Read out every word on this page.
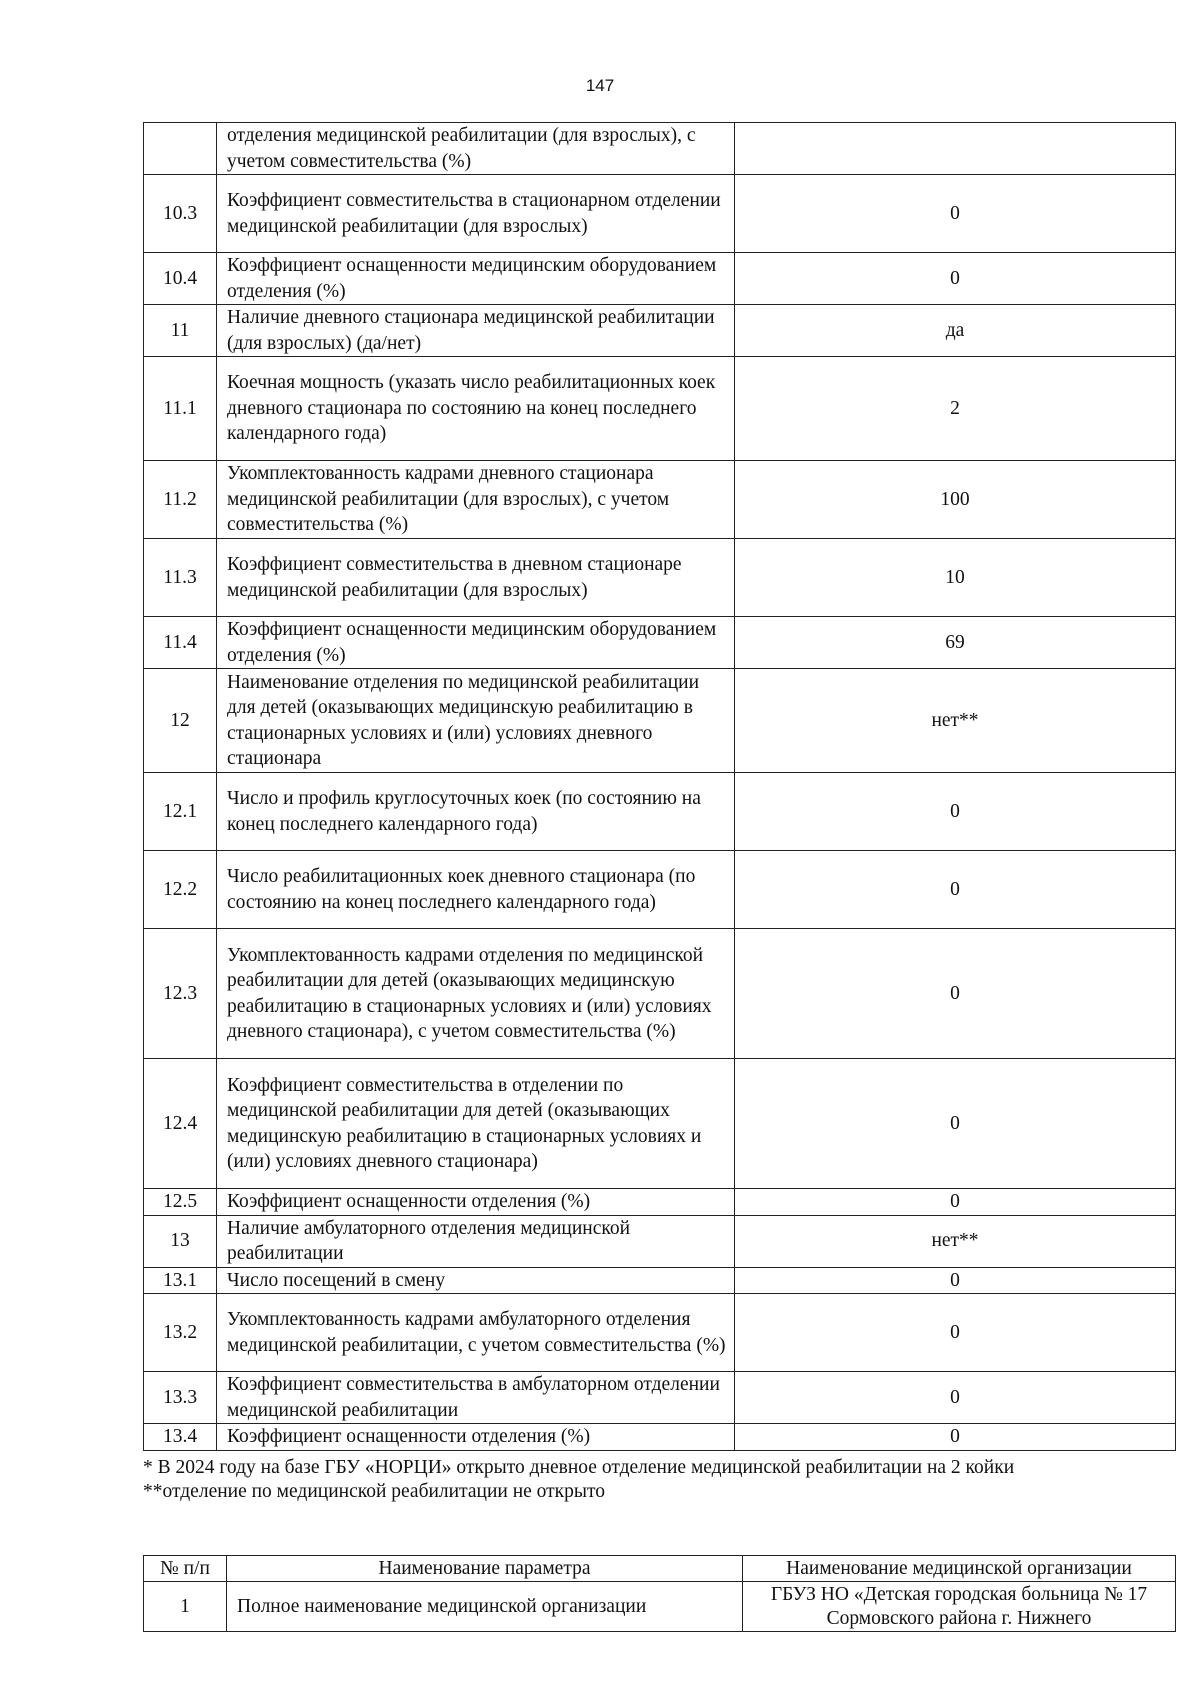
147
	отделения медицинской реабилитации (для взрослых), с учетом совместительства (%)	
10.3	Коэффициент совместительства в стационарном отделении медицинской реабилитации (для взрослых)	0
10.4	Коэффициент оснащенности медицинским оборудованием отделения (%)	0
11	Наличие дневного стационара медицинской реабилитации (для взрослых) (да/нет)	да
11.1	Коечная мощность (указать число реабилитационных коек дневного стационара по состоянию на конец последнего календарного года)	2
11.2	Укомплектованность кадрами дневного стационара медицинской реабилитации (для взрослых), с учетом совместительства (%)	100
11.3	Коэффициент совместительства в дневном стационаре медицинской реабилитации (для взрослых)	10
11.4	Коэффициент оснащенности медицинским оборудованием отделения (%)	69
12	Наименование отделения по медицинской реабилитации для детей (оказывающих медицинскую реабилитацию в стационарных условиях и (или) условиях дневного стационара	нет**
12.1	Число и профиль круглосуточных коек (по состоянию на конец последнего календарного года)	0
12.2	Число реабилитационных коек дневного стационара (по состоянию на конец последнего календарного года)	0
12.3	Укомплектованность кадрами отделения по медицинской реабилитации для детей (оказывающих медицинскую реабилитацию в стационарных условиях и (или) условиях дневного стационара), с учетом совместительства (%)	0
12.4	Коэффициент совместительства в отделении по медицинской реабилитации для детей (оказывающих медицинскую реабилитацию в стационарных условиях и (или) условиях дневного стационара)	0
12.5	Коэффициент оснащенности отделения (%)	0
13	Наличие амбулаторного отделения медицинской реабилитации	нет**
13.1	Число посещений в смену	0
13.2	Укомплектованность кадрами амбулаторного отделения медицинской реабилитации, с учетом совместительства (%)	0
13.3	Коэффициент совместительства в амбулаторном отделении медицинской реабилитации	0
13.4	Коэффициент оснащенности отделения (%)	0

* В 2024 году на базе ГБУ «НОРЦИ» открыто дневное отделение медицинской реабилитации на 2 койки

**отделение по медицинской реабилитации не открыто

№ п/п	Наименование параметра	Наименование медицинской организации
1	Полное наименование медицинской организации	ГБУЗ НО «Детская городская больница № 17 Сормовского района г. Нижнего
